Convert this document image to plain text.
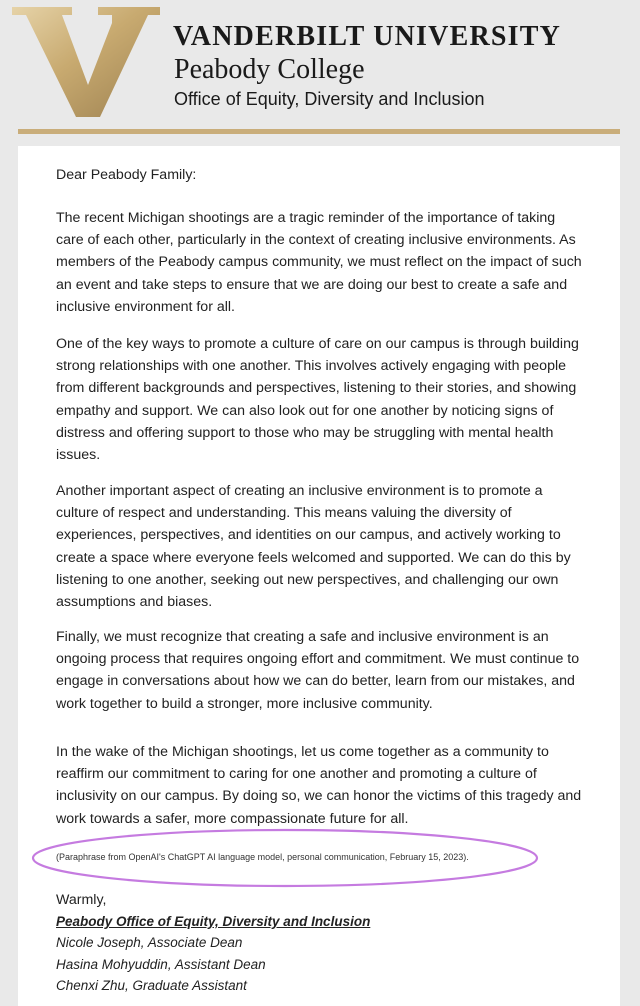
VANDERBILT UNIVERSITY
Peabody College
Office of Equity, Diversity and Inclusion

Dear Peabody Family:

The recent Michigan shootings are a tragic reminder of the importance of taking care of each other, particularly in the context of creating inclusive environments. As members of the Peabody campus community, we must reflect on the impact of such an event and take steps to ensure that we are doing our best to create a safe and inclusive environment for all.

One of the key ways to promote a culture of care on our campus is through building strong relationships with one another. This involves actively engaging with people from different backgrounds and perspectives, listening to their stories, and showing empathy and support. We can also look out for one another by noticing signs of distress and offering support to those who may be struggling with mental health issues.

Another important aspect of creating an inclusive environment is to promote a culture of respect and understanding. This means valuing the diversity of experiences, perspectives, and identities on our campus, and actively working to create a space where everyone feels welcomed and supported. We can do this by listening to one another, seeking out new perspectives, and challenging our own assumptions and biases.

Finally, we must recognize that creating a safe and inclusive environment is an ongoing process that requires ongoing effort and commitment. We must continue to engage in conversations about how we can do better, learn from our mistakes, and work together to build a stronger, more inclusive community.

In the wake of the Michigan shootings, let us come together as a community to reaffirm our commitment to caring for one another and promoting a culture of inclusivity on our campus. By doing so, we can honor the victims of this tragedy and work towards a safer, more compassionate future for all.

(Paraphrase from OpenAI's ChatGPT AI language model, personal communication, February 15, 2023).
Warmly,
Peabody Office of Equity, Diversity and Inclusion
Nicole Joseph, Associate Dean
Hasina Mohyuddin, Assistant Dean
Chenxi Zhu, Graduate Assistant
